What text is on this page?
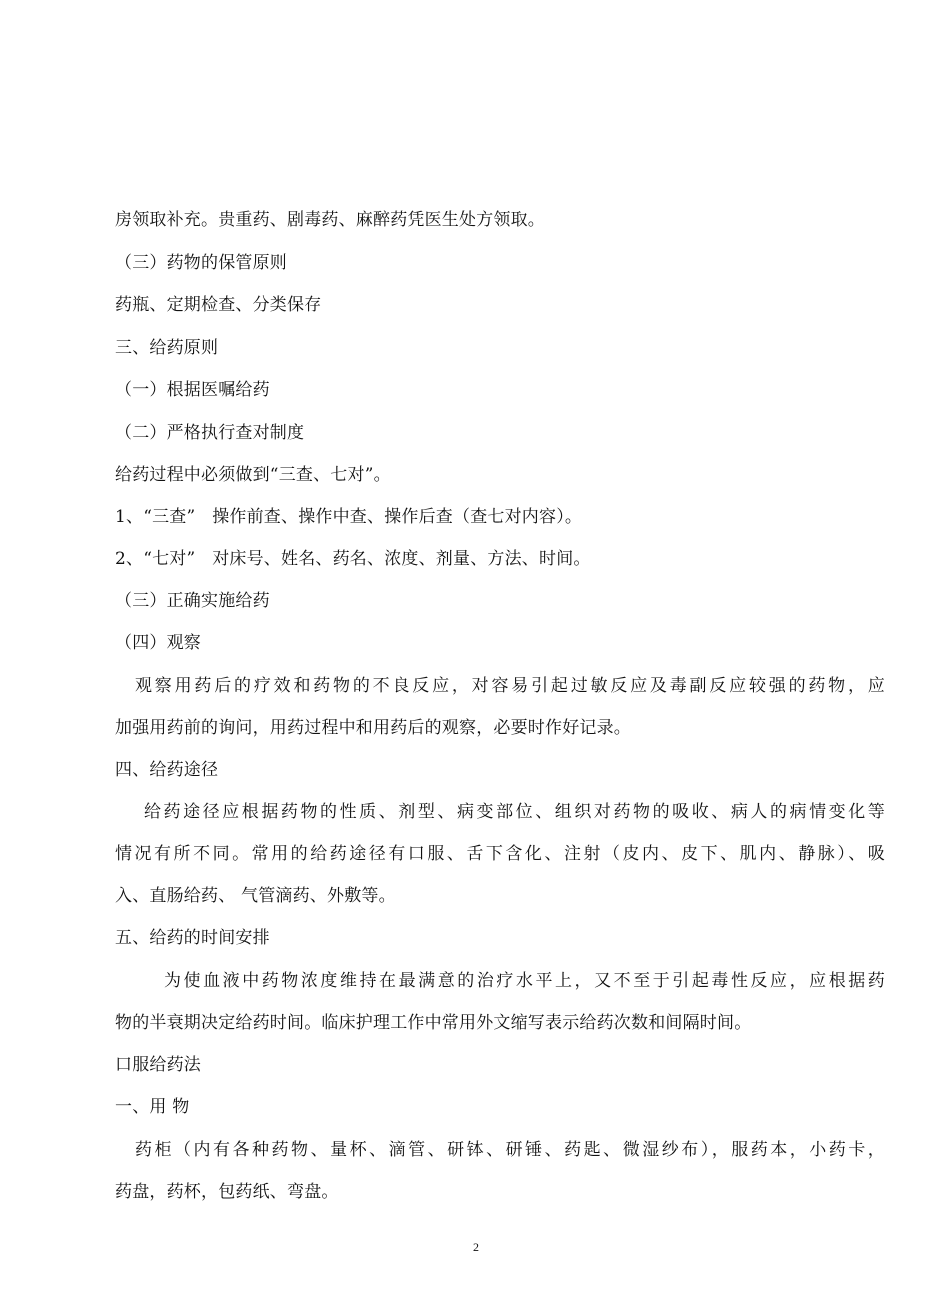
房领取补充。贵重药、剧毒药、麻醉药凭医生处方领取。
（三）药物的保管原则
药瓶、定期检查、分类保存
三、给药原则
（一）根据医嘱给药
（二）严格执行查对制度
给药过程中必须做到“三查、七对”。
1、“三查”   操作前查、操作中查、操作后查（查七对内容）。
2、“七对”   对床号、姓名、药名、浓度、剂量、方法、时间。
（三）正确实施给药
（四）观察
观察用药后的疗效和药物的不良反应，对容易引起过敏反应及毒副反应较强的药物，应
加强用药前的询问，用药过程中和用药后的观察，必要时作好记录。
四、给药途径
给药途径应根据药物的性质、剂型、病变部位、组织对药物的吸收、病人的病情变化等
情况有所不同。常用的给药途径有口服、舌下含化、注射（皮内、皮下、肌内、静脉）、吸
入、直肠给药、 气管滴药、外敷等。
五、给药的时间安排
为使血液中药物浓度维持在最满意的治疗水平上，又不至于引起毒性反应，应根据药
物的半衰期决定给药时间。临床护理工作中常用外文缩写表示给药次数和间隔时间。
口服给药法
一、用 物
药柜（内有各种药物、量杯、滴管、研钵、研锤、药匙、微湿纱布），服药本，小药卡，
药盘，药杯，包药纸、弯盘。
2
